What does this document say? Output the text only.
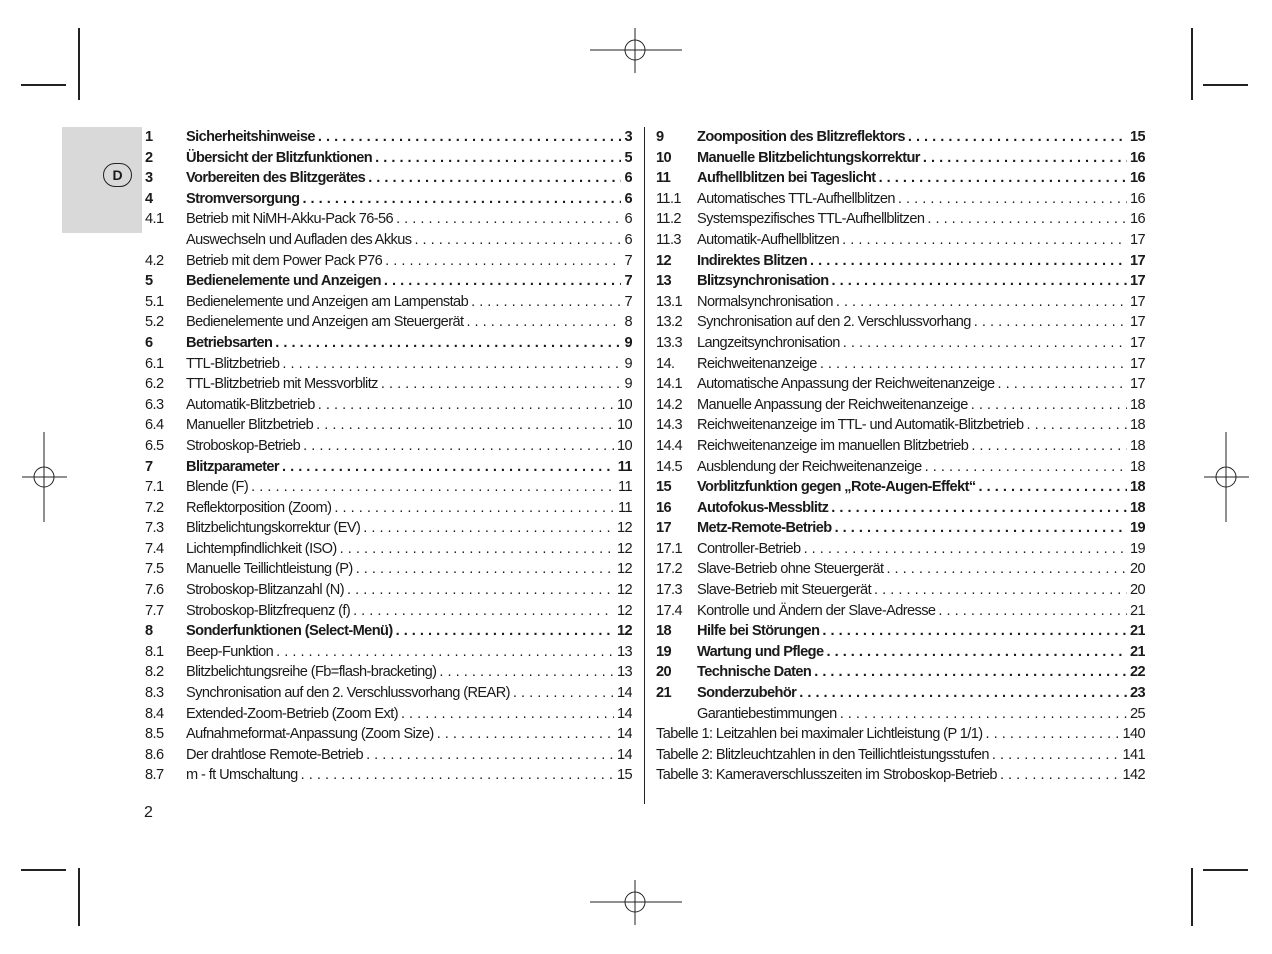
D
1 Sicherheitshinweise . . .	3
2 Übersicht der Blitzfunktionen . . .	5
3 Vorbereiten des Blitzgerätes . . .	6
4 Stromversorgung . . .	6
4.1 Betrieb mit NiMH-Akku-Pack 76-56 . . .	6
Auswechseln und Aufladen des Akkus . . .	6
4.2 Betrieb mit dem Power Pack P76 . . .	7
5 Bedienelemente und Anzeigen . . .	7
5.1 Bedienelemente und Anzeigen am Lampenstab . . .	7
5.2 Bedienelemente und Anzeigen am Steuergerät . . .	8
6 Betriebsarten . . .	9
6.1 TTL-Blitzbetrieb . . .	9
6.2 TTL-Blitzbetrieb mit Messvorblitz . . .	9
6.3 Automatik-Blitzbetrieb . . .	10
6.4 Manueller Blitzbetrieb . . .	10
6.5 Stroboskop-Betrieb . . .	10
7 Blitzparameter . . .	11
7.1 Blende (F) . . .	11
7.2 Reflektorposition (Zoom) . . .	11
7.3 Blitzbelichtungskorrektur (EV) . . .	12
7.4 Lichtempfindlichkeit (ISO) . . .	12
7.5 Manuelle Teillichtleistung (P) . . .	12
7.6 Stroboskop-Blitzanzahl (N) . . .	12
7.7 Stroboskop-Blitzfrequenz (f) . . .	12
8 Sonderfunktionen (Select-Menü) . . .	12
8.1 Beep-Funktion . . .	13
8.2 Blitzbelichtungsreihe (Fb=flash-bracketing) . . .	13
8.3 Synchronisation auf den 2. Verschlussvorhang (REAR) . . .	14
8.4 Extended-Zoom-Betrieb (Zoom Ext) . . .	14
8.5 Aufnahmeformat-Anpassung (Zoom Size) . . .	14
8.6 Der drahtlose Remote-Betrieb . . .	14
8.7 m - ft Umschaltung . . .	15
9 Zoomposition des Blitzreflektors . . .	15
10 Manuelle Blitzbelichtungskorrektur . . .	16
11 Aufhellblitzen bei Tageslicht . . .	16
11.1 Automatisches TTL-Aufhellblitzen . . .	16
11.2 Systemspezifisches TTL-Aufhellblitzen . . .	16
11.3 Automatik-Aufhellblitzen . . .	17
12 Indirektes Blitzen . . .	17
13 Blitzsynchronisation . . .	17
13.1 Normalsynchronisation . . .	17
13.2 Synchronisation auf den 2. Verschlussvorhang . . .	17
13.3 Langzeitsynchronisation . . .	17
14. Reichweitenanzeige . . .	17
14.1 Automatische Anpassung der Reichweitenanzeige . . .	17
14.2 Manuelle Anpassung der Reichweitenanzeige . . .	18
14.3 Reichweitenanzeige im TTL- und Automatik-Blitzbetrieb . . .	18
14.4 Reichweitenanzeige im manuellen Blitzbetrieb . . .	18
14.5 Ausblendung der Reichweitenanzeige . . .	18
15 Vorblitzfunktion gegen „Rote-Augen-Effekt“ . . .	18
16 Autofokus-Messblitz . . .	18
17 Metz-Remote-Betrieb . . .	19
17.1 Controller-Betrieb . . .	19
17.2 Slave-Betrieb ohne Steuergerät . . .	20
17.3 Slave-Betrieb mit Steuergerät . . .	20
17.4 Kontrolle und Ändern der Slave-Adresse . . .	21
18 Hilfe bei Störungen . . .	21
19 Wartung und Pflege . . .	21
20 Technische Daten . . .	22
21 Sonderzubehör . . .	23
Garantiebestimmungen . . .	25
Tabelle 1: Leitzahlen bei maximaler Lichtleistung (P 1/1) . . .	140
Tabelle 2: Blitzleuchtzahlen in den Teillichtleistungsstufen . . .	141
Tabelle 3: Kameraverschlusszeiten im Stroboskop-Betrieb . . .	142
2
